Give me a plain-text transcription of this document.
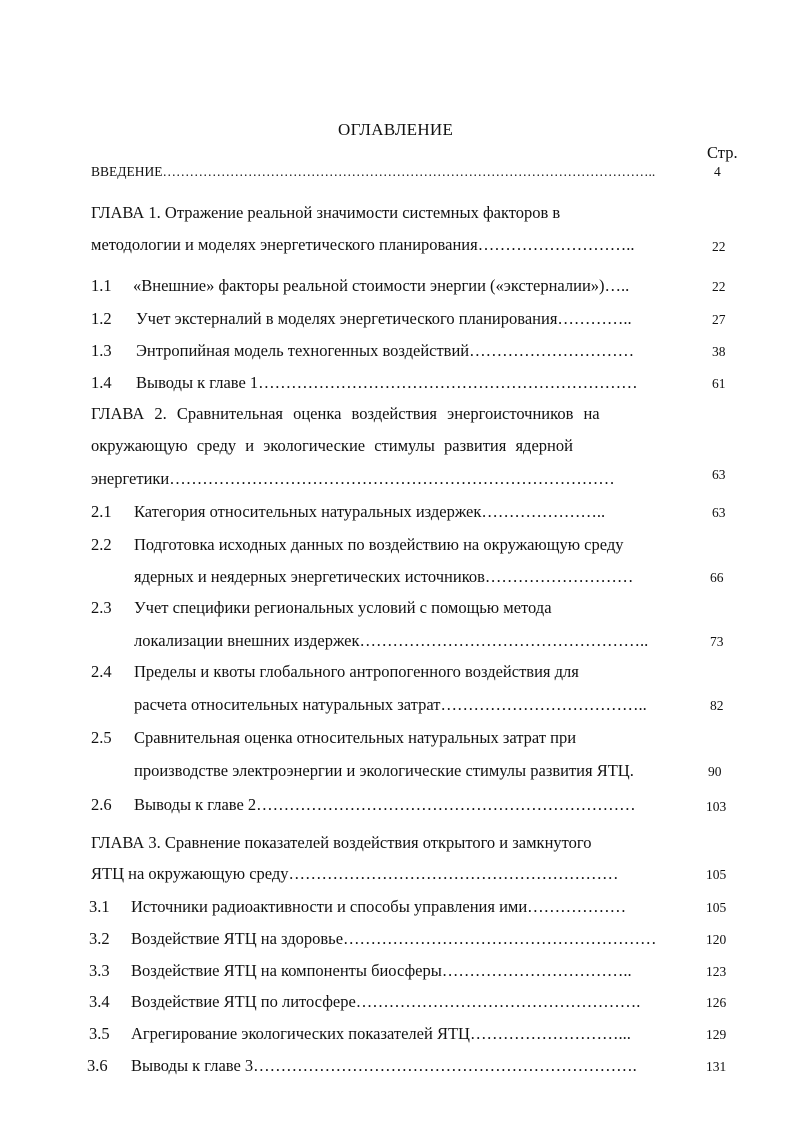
ОГЛАВЛЕНИЕ
Стр.
ВВЕДЕНИЕ………………………………………………………………………………………………..	4
ГЛАВА 1. Отражение реальной значимости системных факторов в
методологии и моделях энергетического планирования………………………..	22
1.1 «Внешние» факторы реальной стоимости энергии («экстерналии»)…..	22
1.2 Учет экстерналий в моделях энергетического планирования…………..	27
1.3 Энтропийная модель техногенных воздействий…………………………	38
1.4 Выводы к главе 1……………………………………………………………	61
ГЛАВА 2. Сравнительная оценка воздействия энергоисточников на
окружающую среду и экологические стимулы развития ядерной
энергетики………………………………………………………………………	63
2.1 Категория относительных натуральных издержек…………………..	63
2.2 Подготовка исходных данных по воздействию на окружающую среду
ядерных и неядерных энергетических источников………………………	66
2.3 Учет специфики региональных условий с помощью метода
локализации внешних издержек……………………………………………..	73
2.4 Пределы и квоты глобального антропогенного воздействия для
расчета относительных натуральных затрат………………………………..	82
2.5 Сравнительная оценка относительных натуральных затрат при
производстве электроэнергии и экологические стимулы развития ЯТЦ.	90
2.6 Выводы к главе 2……………………………………………………………	103
ГЛАВА 3. Сравнение показателей воздействия открытого и замкнутого
ЯТЦ на окружающую среду……………………………………………………	105
3.1 Источники радиоактивности и способы управления ими………………	105
3.2 Воздействие ЯТЦ на здоровье…………………………………………………	120
3.3 Воздействие ЯТЦ на компоненты биосферы……………………………..	123
3.4 Воздействие ЯТЦ по литосфере…………………………………………….	126
3.5 Агрегирование экологических показателей ЯТЦ………………………...	129
3.6 Выводы к главе 3…………………………………………………………….	131
